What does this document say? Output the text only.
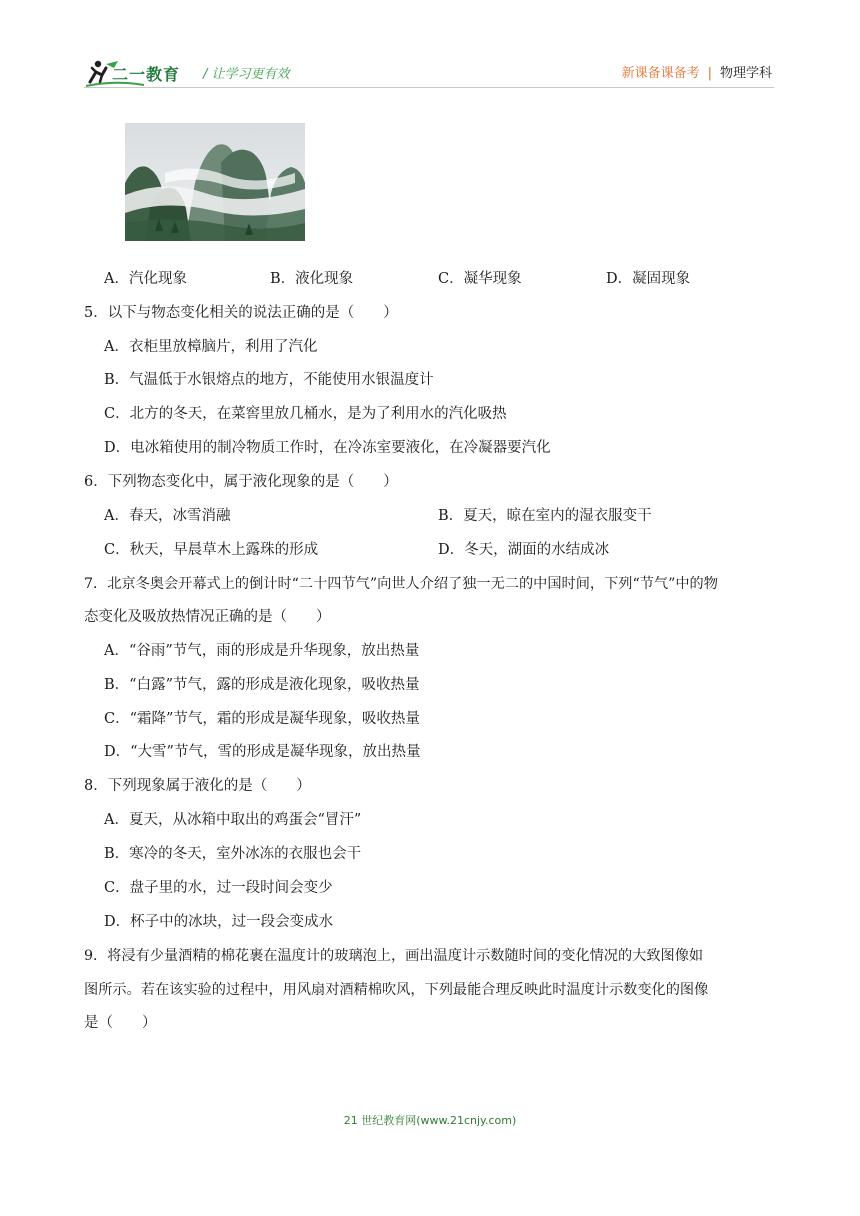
二一教育 / 让学习更有效	新课备课备考 | 物理学科
A．汽化现象	B．液化现象	C．凝华现象	D．凝固现象
5．以下与物态变化相关的说法正确的是（　　）
A．衣柜里放樟脑片，利用了汽化
B．气温低于水银熔点的地方，不能使用水银温度计
C．北方的冬天，在菜窖里放几桶水，是为了利用水的汽化吸热
D．电冰箱使用的制冷物质工作时，在冷冻室要液化，在冷凝器要汽化
6．下列物态变化中，属于液化现象的是（　　）
A．春天，冰雪消融	B．夏天，晾在室内的湿衣服变干
C．秋天，早晨草木上露珠的形成	D．冬天，湖面的水结成冰
7．北京冬奥会开幕式上的倒计时“二十四节气”向世人介绍了独一无二的中国时间，下列“节气”中的物
态变化及吸放热情况正确的是（　　）
A．“谷雨”节气，雨的形成是升华现象，放出热量
B．“白露”节气，露的形成是液化现象，吸收热量
C．“霜降”节气，霜的形成是凝华现象，吸收热量
D．“大雪”节气，雪的形成是凝华现象，放出热量
8．下列现象属于液化的是（　　）
A．夏天，从冰箱中取出的鸡蛋会“冒汗”
B．寒冷的冬天，室外冰冻的衣服也会干
C．盘子里的水，过一段时间会变少
D．杯子中的冰块，过一段会变成水
9．将浸有少量酒精的棉花裹在温度计的玻璃泡上，画出温度计示数随时间的变化情况的大致图像如
图所示。若在该实验的过程中，用风扇对酒精棉吹风，下列最能合理反映此时温度计示数变化的图像
是（　　）
21 世纪教育网(www.21cnjy.com)
